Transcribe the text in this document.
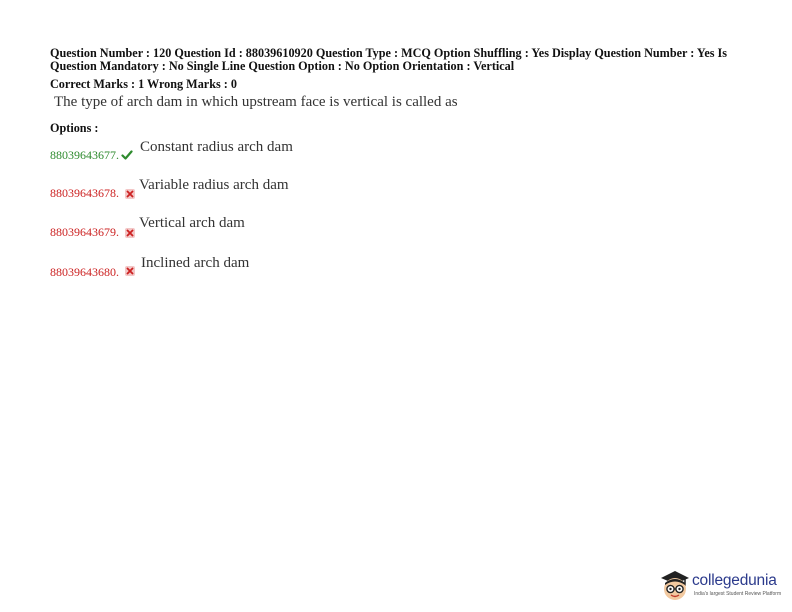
Question Number : 120 Question Id : 88039610920 Question Type : MCQ Option Shuffling : Yes Display Question Number : Yes Is
Question Mandatory : No Single Line Question Option : No Option Orientation : Vertical
Correct Marks : 1 Wrong Marks : 0
The type of arch dam in which upstream face is vertical is called as
Options :
88039643677. Constant radius arch dam
88039643678. Variable radius arch dam
88039643679.
Vertical arch dam
88039643680.
Inclined arch dam
collegedunia
India's largest Student Review Platform
